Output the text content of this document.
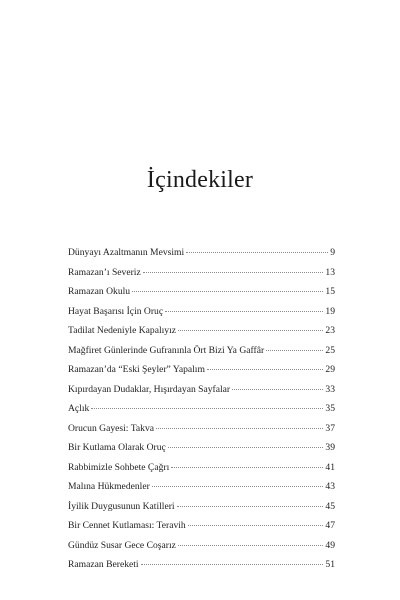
İçindekiler
Dünyayı Azaltmanın Mevsimi	9
Ramazan’ı Severiz	13
Ramazan Okulu	15
Hayat Başarısı İçin Oruç	19
Tadilat Nedeniyle Kapalıyız	23
Mağfiret Günlerinde Gufranınla Ört Bizi Ya Gaffâr	25
Ramazan’da “Eski Şeyler” Yapalım	29
Kıpırdayan Dudaklar, Hışırdayan Sayfalar	33
Açlık	35
Orucun Gayesi: Takva	37
Bir Kutlama Olarak Oruç	39
Rabbimizle Sohbete Çağrı	41
Malına Hükmedenler	43
İyilik Duygusunun Katilleri	45
Bir Cennet Kutlaması: Teravih	47
Gündüz Susar Gece Coşarız	49
Ramazan Bereketi	51
